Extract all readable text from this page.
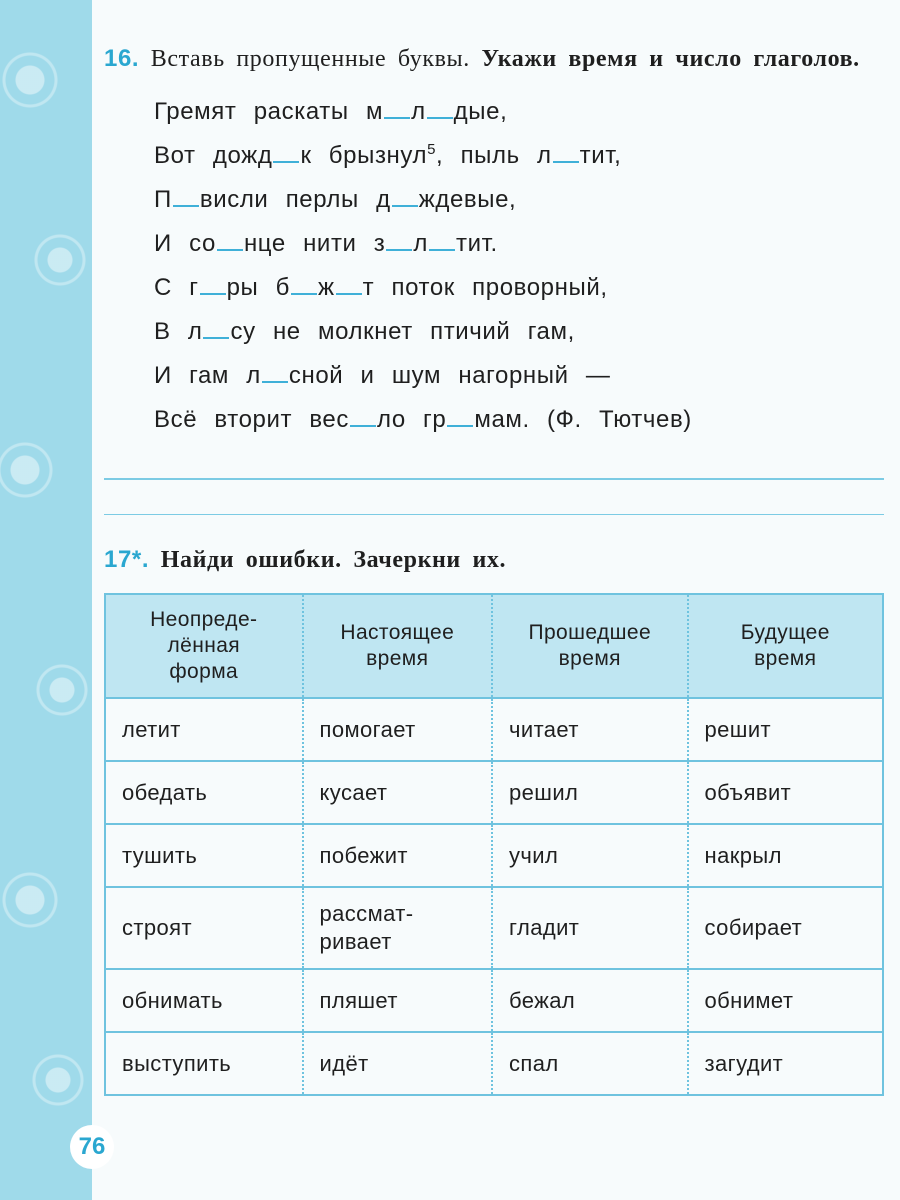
76
16. Вставь пропущенные буквы. Укажи время и число глаголов.
Гремят раскаты м л дые,
Вот дожд к брызнул$^5$, пыль л тит,
П висли перлы д ждевые,
И со нце нити з л тит.
С г ры б ж т поток проворный,
В л су не молкнет птичий гам,
И гам л сной и шум нагорный —
Всё вторит вес ло гр мам. (Ф. Тютчев)
17*. Найди ошибки. Зачеркни их.
Неопреде-
лённая
форма	Настоящее
время	Прошедшее
время	Будущее
время
летит	помогает	читает	решит
обедать	кусает	решил	объявит
тушить	побежит	учил	накрыл
строят	рассмат-
ривает	гладит	собирает
обнимать	пляшет	бежал	обнимет
выступить	идёт	спал	загудит
